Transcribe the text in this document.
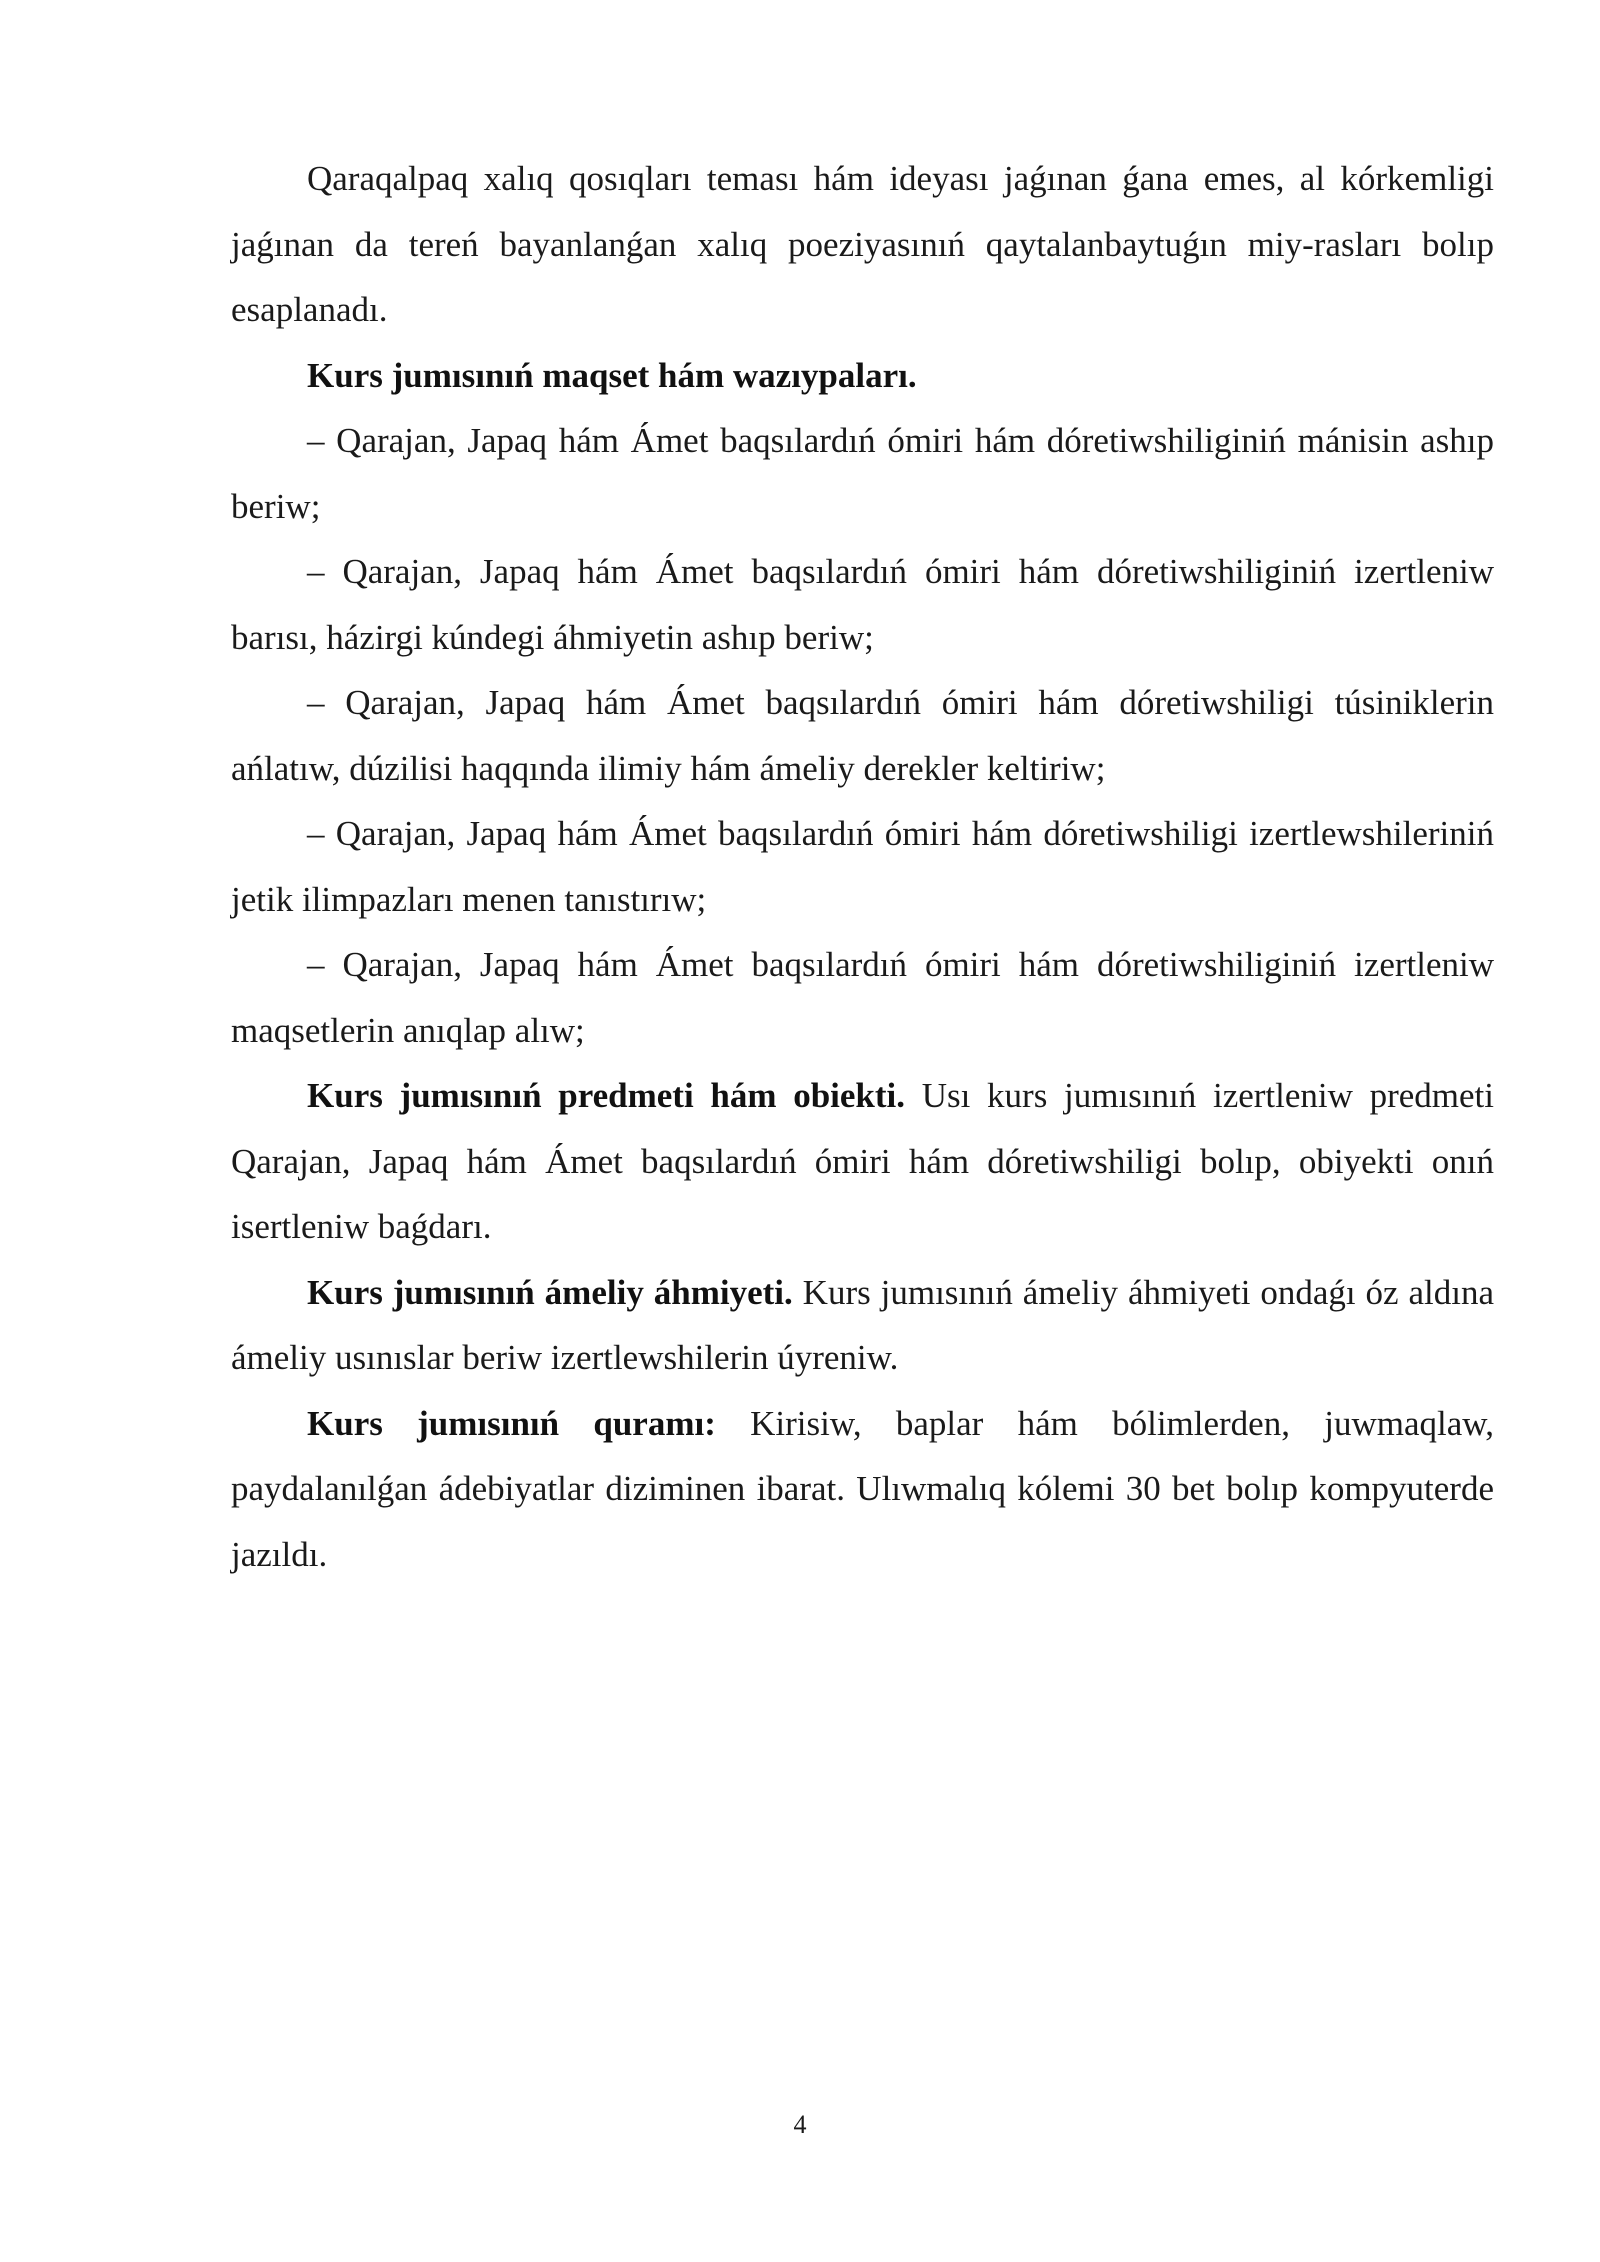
Qaraqalpaq xalıq qosıqları teması hám ideyası jaǵınan ǵana emes, al kórkemligi jaǵınan da tereń bayanlanǵan xalıq poeziyasınıń qaytalanbaytuǵın miy-rasları bolıp esaplanadı.

Kurs jumısınıń maqset hám wazıypaları.

– Qarajan, Japaq hám Ámet baqsılardıń ómiri hám dóretiwshiliginiń mánisin ashıp beriw;

– Qarajan, Japaq hám Ámet baqsılardıń ómiri hám dóretiwshiliginiń izertleniw barısı, házirgi kúndegi áhmiyetin ashıp beriw;

– Qarajan, Japaq hám Ámet baqsılardıń ómiri hám dóretiwshiligi túsiniklerin ańlatıw, dúzilisi haqqında ilimiy hám ámeliy derekler keltiriw;

– Qarajan, Japaq hám Ámet baqsılardıń ómiri hám dóretiwshiligi izertlewshileriniń jetik ilimpazları menen tanıstırıw;

– Qarajan, Japaq hám Ámet baqsılardıń ómiri hám dóretiwshiliginiń izertleniw maqsetlerin anıqlap alıw;

Kurs jumısınıń predmeti hám obiekti. Usı kurs jumısınıń izertleniw predmeti Qarajan, Japaq hám Ámet baqsılardıń ómiri hám dóretiwshiligi bolıp, obiyekti onıń isertleniw baǵdarı.

Kurs jumısınıń ámeliy áhmiyeti. Kurs jumısınıń ámeliy áhmiyeti ondaǵı óz aldına ámeliy usınıslar beriw izertlewshilerin úyreniw.

Kurs jumısınıń quramı: Kirisiw, baplar hám bólimlerden, juwmaqlaw, paydalanılǵan ádebiyatlar diziminen ibarat. Ulıwmalıq kólemi 30 bet bolıp kompyuterde jazıldı.

4
